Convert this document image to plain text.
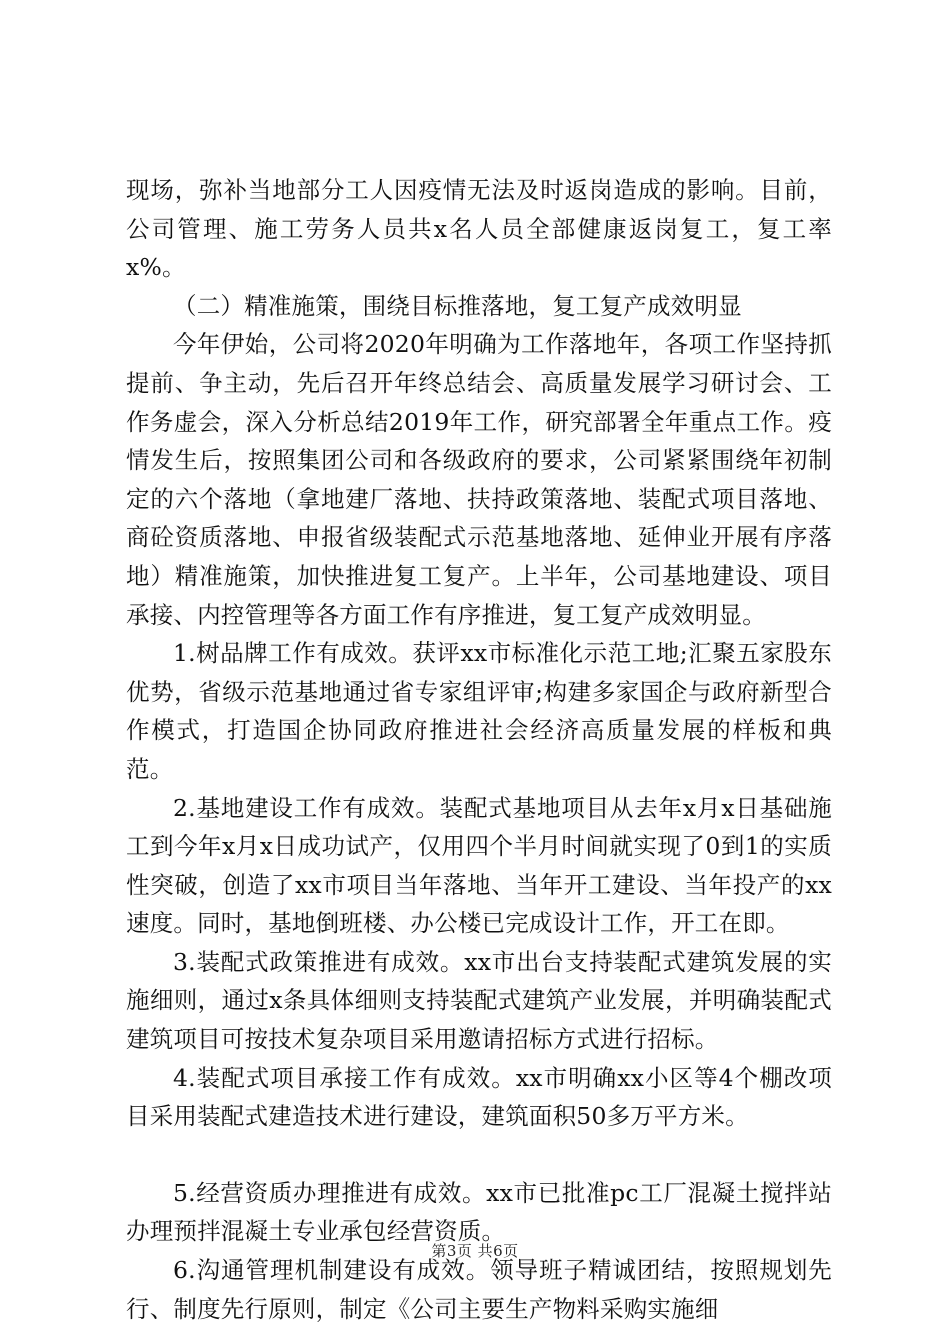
现场，弥补当地部分工人因疫情无法及时返岗造成的影响。目前，公司管理、施工劳务人员共x名人员全部健康返岗复工，复工率x%。

（二）精准施策，围绕目标推落地，复工复产成效明显

今年伊始，公司将2020年明确为工作落地年，各项工作坚持抓提前、争主动，先后召开年终总结会、高质量发展学习研讨会、工作务虚会，深入分析总结2019年工作，研究部署全年重点工作。疫情发生后，按照集团公司和各级政府的要求，公司紧紧围绕年初制定的六个落地（拿地建厂落地、扶持政策落地、装配式项目落地、商砼资质落地、申报省级装配式示范基地落地、延伸业开展有序落地）精准施策，加快推进复工复产。上半年，公司基地建设、项目承接、内控管理等各方面工作有序推进，复工复产成效明显。

1.树品牌工作有成效。获评xx市标准化示范工地;汇聚五家股东优势，省级示范基地通过省专家组评审;构建多家国企与政府新型合作模式，打造国企协同政府推进社会经济高质量发展的样板和典范。

2.基地建设工作有成效。装配式基地项目从去年x月x日基础施工到今年x月x日成功试产，仅用四个半月时间就实现了0到1的实质性突破，创造了xx市项目当年落地、当年开工建设、当年投产的xx速度。同时，基地倒班楼、办公楼已完成设计工作，开工在即。

3.装配式政策推进有成效。xx市出台支持装配式建筑发展的实施细则，通过x条具体细则支持装配式建筑产业发展，并明确装配式建筑项目可按技术复杂项目采用邀请招标方式进行招标。

4.装配式项目承接工作有成效。xx市明确xx小区等4个棚改项目采用装配式建造技术进行建设，建筑面积50多万平方米。

5.经营资质办理推进有成效。xx市已批准pc工厂混凝土搅拌站办理预拌混凝土专业承包经营资质。

6.沟通管理机制建设有成效。领导班子精诚团结，按照规划先行、制度先行原则，制定《公司主要生产物料采购实施细

第3页 共6页
